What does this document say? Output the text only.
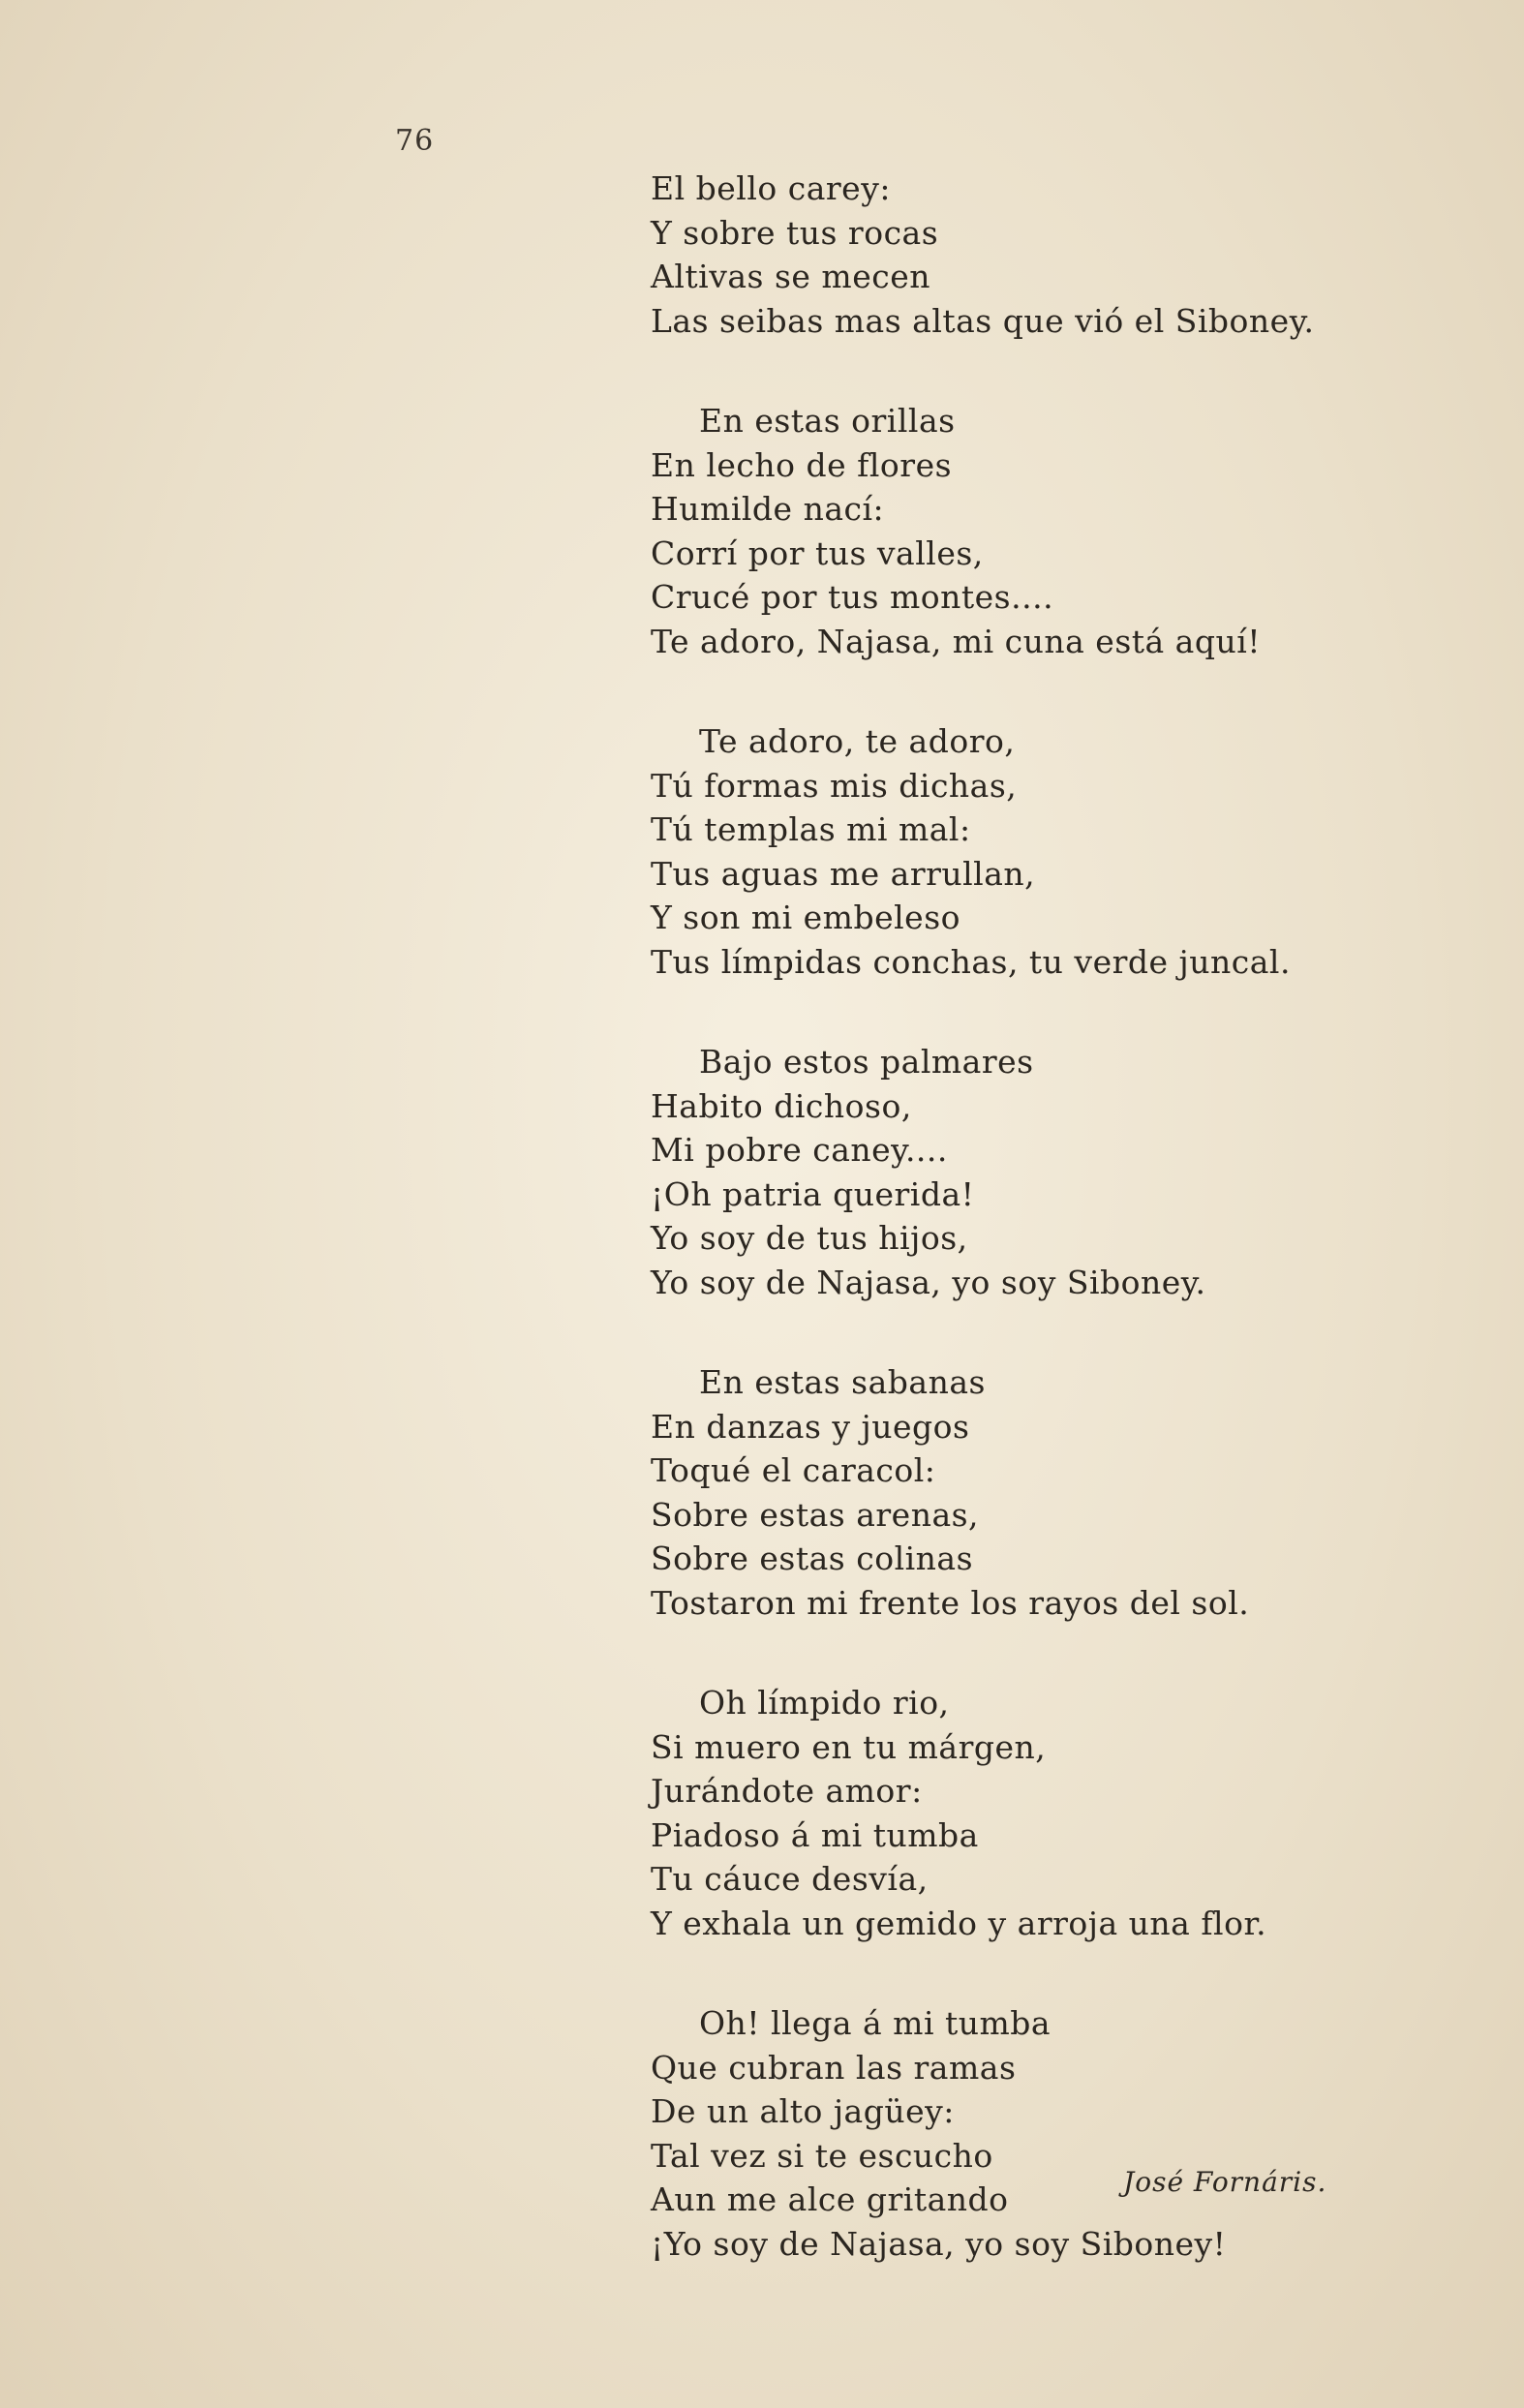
76
El bello carey:
Y sobre tus rocas
Altivas se mecen
Las seibas mas altas que vió el Siboney.
En estas orillas
En lecho de flores
Humilde nací:
Corrí por tus valles,
Crucé por tus montes....
Te adoro, Najasa, mi cuna está aquí!
Te adoro, te adoro,
Tú formas mis dichas,
Tú templas mi mal:
Tus aguas me arrullan,
Y son mi embeleso
Tus límpidas conchas, tu verde juncal.
Bajo estos palmares
Habito dichoso,
Mi pobre caney....
¡Oh patria querida!
Yo soy de tus hijos,
Yo soy de Najasa, yo soy Siboney.
En estas sabanas
En danzas y juegos
Toqué el caracol:
Sobre estas arenas,
Sobre estas colinas
Tostaron mi frente los rayos del sol.
Oh límpido rio,
Si muero en tu márgen,
Jurándote amor:
Piadoso á mi tumba
Tu cáuce desvía,
Y exhala un gemido y arroja una flor.
Oh! llega á mi tumba
Que cubran las ramas
De un alto jagüey:
Tal vez si te escucho
Aun me alce gritando
¡Yo soy de Najasa, yo soy Siboney!
José Fornáris.
